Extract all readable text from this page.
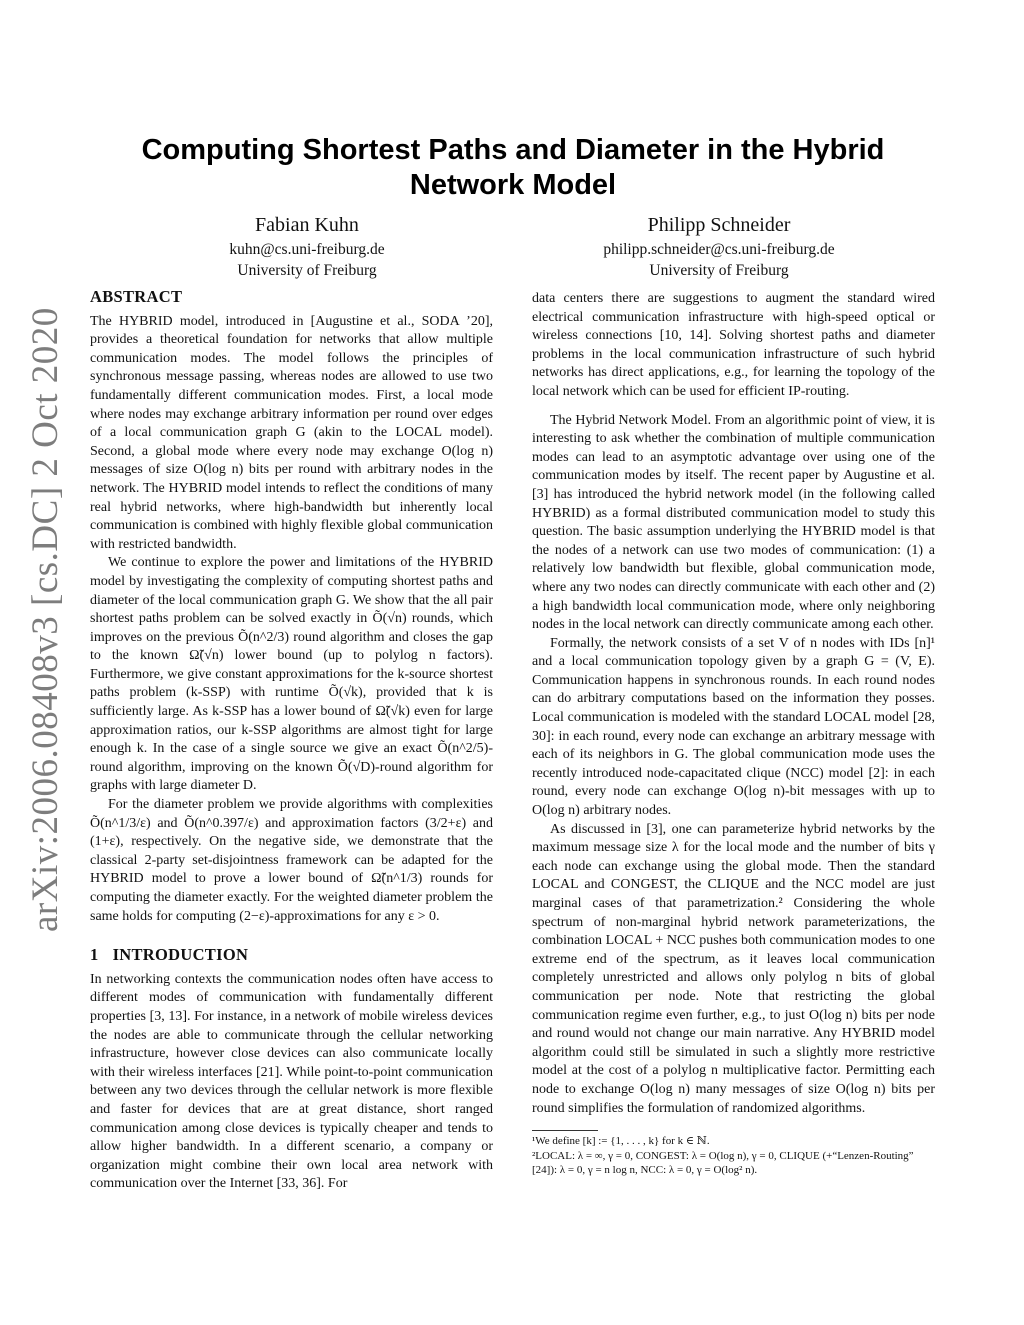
arXiv:2006.08408v3 [cs.DC] 2 Oct 2020
Computing Shortest Paths and Diameter in the Hybrid Network Model
Fabian Kuhn
kuhn@cs.uni-freiburg.de
University of Freiburg
Philipp Schneider
philipp.schneider@cs.uni-freiburg.de
University of Freiburg
ABSTRACT

The HYBRID model, introduced in [Augustine et al., SODA ’20], provides a theoretical foundation for networks that allow multiple communication modes. The model follows the principles of synchronous message passing, whereas nodes are allowed to use two fundamentally different communication modes. First, a local mode where nodes may exchange arbitrary information per round over edges of a local communication graph G (akin to the LOCAL model). Second, a global mode where every node may exchange O(log n) messages of size O(log n) bits per round with arbitrary nodes in the network. The HYBRID model intends to reflect the conditions of many real hybrid networks, where high-bandwidth but inherently local communication is combined with highly flexible global communication with restricted bandwidth.

We continue to explore the power and limitations of the HYBRID model by investigating the complexity of computing shortest paths and diameter of the local communication graph G. We show that the all pair shortest paths problem can be solved exactly in Õ(√n) rounds, which improves on the previous Õ(n^2/3) round algorithm and closes the gap to the known Ω̃(√n) lower bound (up to polylog n factors). Furthermore, we give constant approximations for the k-source shortest paths problem (k-SSP) with runtime Õ(√k), provided that k is sufficiently large. As k-SSP has a lower bound of Ω̃(√k) even for large approximation ratios, our k-SSP algorithms are almost tight for large enough k. In the case of a single source we give an exact Õ(n^2/5)-round algorithm, improving on the known Õ(√D)-round algorithm for graphs with large diameter D.

For the diameter problem we provide algorithms with complexities Õ(n^1/3/ε) and Õ(n^0.397/ε) and approximation factors (3/2+ε) and (1+ε), respectively. On the negative side, we demonstrate that the classical 2-party set-disjointness framework can be adapted for the HYBRID model to prove a lower bound of Ω̃(n^1/3) rounds for computing the diameter exactly. For the weighted diameter problem the same holds for computing (2−ε)-approximations for any ε > 0.

1 INTRODUCTION

In networking contexts the communication nodes often have access to different modes of communication with fundamentally different properties [3, 13]. For instance, in a network of mobile wireless devices the nodes are able to communicate through the cellular networking infrastructure, however close devices can also communicate locally with their wireless interfaces [21]. While point-to-point communication between any two devices through the cellular network is more flexible and faster for devices that are at great distance, short ranged communication among close devices is typically cheaper and tends to allow higher bandwidth. In a different scenario, a company or organization might combine their own local area network with communication over the Internet [33, 36]. For

data centers there are suggestions to augment the standard wired electrical communication infrastructure with high-speed optical or wireless connections [10, 14]. Solving shortest paths and diameter problems in the local communication infrastructure of such hybrid networks has direct applications, e.g., for learning the topology of the local network which can be used for efficient IP-routing.

The Hybrid Network Model. From an algorithmic point of view, it is interesting to ask whether the combination of multiple communication modes can lead to an asymptotic advantage over using one of the communication modes by itself. The recent paper by Augustine et al. [3] has introduced the hybrid network model (in the following called HYBRID) as a formal distributed communication model to study this question. The basic assumption underlying the HYBRID model is that the nodes of a network can use two modes of communication: (1) a relatively low bandwidth but flexible, global communication mode, where any two nodes can directly communicate with each other and (2) a high bandwidth local communication mode, where only neighboring nodes in the local network can directly communicate among each other.

Formally, the network consists of a set V of n nodes with IDs [n]¹ and a local communication topology given by a graph G = (V, E). Communication happens in synchronous rounds. In each round nodes can do arbitrary computations based on the information they posses. Local communication is modeled with the standard LOCAL model [28, 30]: in each round, every node can exchange an arbitrary message with each of its neighbors in G. The global communication mode uses the recently introduced node-capacitated clique (NCC) model [2]: in each round, every node can exchange O(log n)-bit messages with up to O(log n) arbitrary nodes.

As discussed in [3], one can parameterize hybrid networks by the maximum message size λ for the local mode and the number of bits γ each node can exchange using the global mode. Then the standard LOCAL and CONGEST, the CLIQUE and the NCC model are just marginal cases of that parametrization.² Considering the whole spectrum of non-marginal hybrid network parameterizations, the combination LOCAL + NCC pushes both communication modes to one extreme end of the spectrum, as it leaves local communication completely unrestricted and allows only polylog n bits of global communication per node. Note that restricting the global communication regime even further, e.g., to just O(log n) bits per node and round would not change our main narrative. Any HYBRID model algorithm could still be simulated in such a slightly more restrictive model at the cost of a polylog n multiplicative factor. Permitting each node to exchange O(log n) many messages of size O(log n) bits per round simplifies the formulation of randomized algorithms.

¹We define [k] := {1, . . . , k} for k ∈ ℕ.
²LOCAL: λ = ∞, γ = 0, CONGEST: λ = O(log n), γ = 0, CLIQUE (+“Lenzen-Routing” [24]): λ = 0, γ = n log n, NCC: λ = 0, γ = O(log² n).
